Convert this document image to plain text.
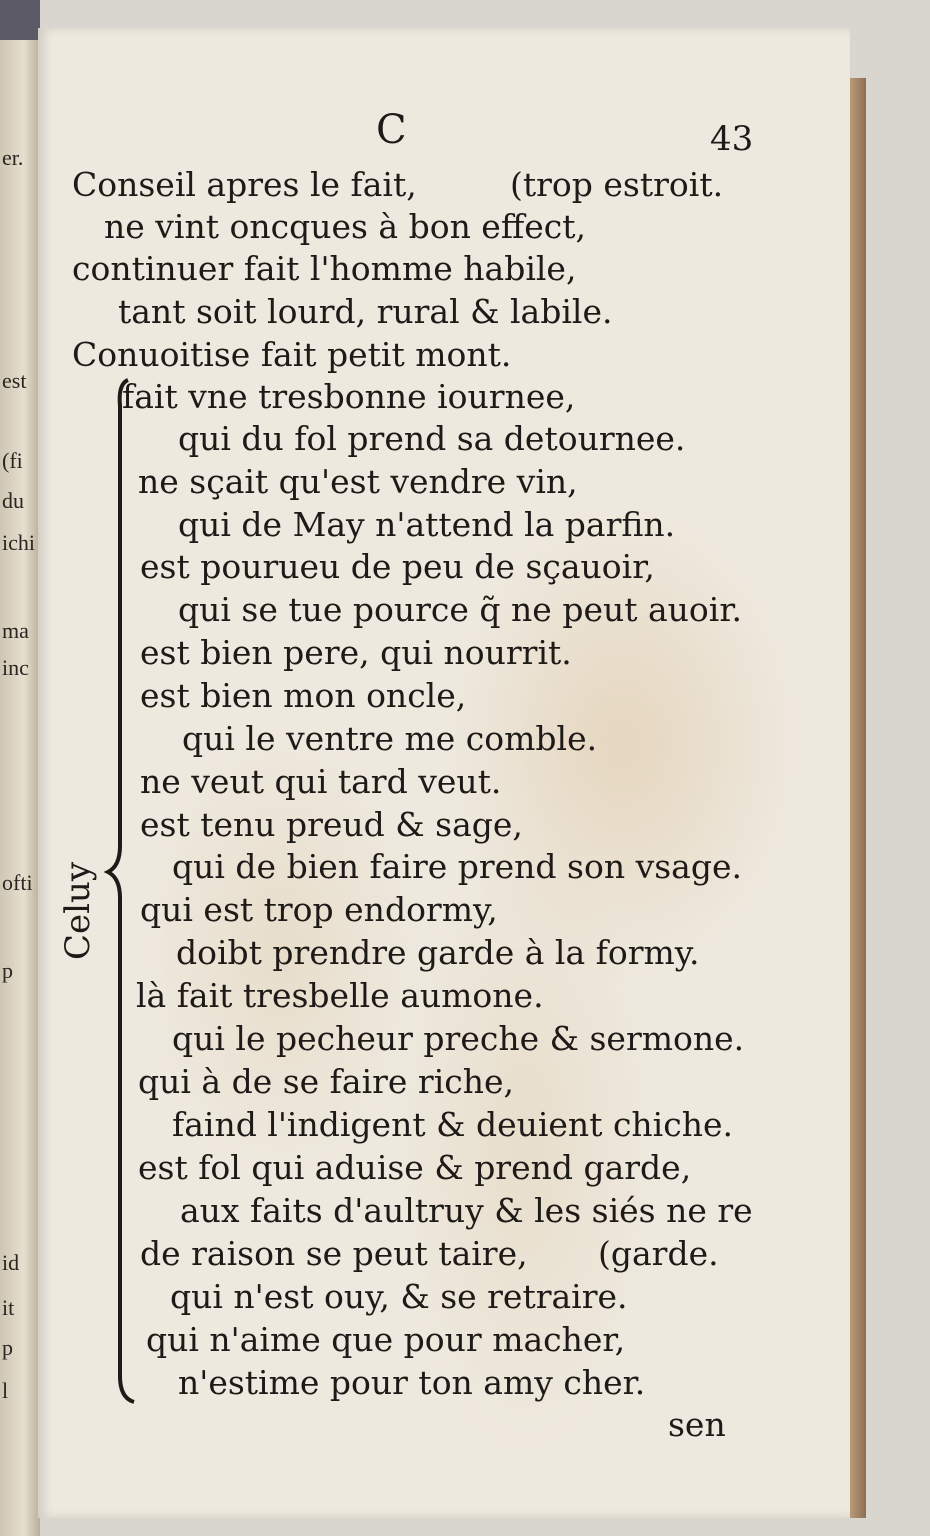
er.
est
(fi
du
ichi
ma
inc
ofti
p
id
it
p
l
C	43
Conseil apres le fait,	(trop estroit.
ne vint oncques à bon effect,
continuer fait l'homme habile,
tant soit lourd, rural & labile.
Conuoitise fait petit mont.
fait vne tresbonne iournee,
qui du fol prend sa detournee.
ne sçait qu'est vendre vin,
qui de May n'attend la parfin.
est pourueu de peu de sçauoir,
qui se tue pource q̃ ne peut auoir.
est bien pere, qui nourrit.
est bien mon oncle,
qui le ventre me comble.
ne veut qui tard veut.
est tenu preud & sage,
qui de bien faire prend son vsage.
qui est trop endormy,
doibt prendre garde à la formy.
là fait tresbelle aumone.
qui le pecheur preche & sermone.
qui à de se faire riche,
faind l'indigent & deuient chiche.
est fol qui aduise & prend garde,
aux faits d'aultruy & les siés ne re
de raison se peut taire, (garde.
qui n'est ouy, & se retraire.
qui n'aime que pour macher,
n'estime pour ton amy cher.
Celuy
sen
